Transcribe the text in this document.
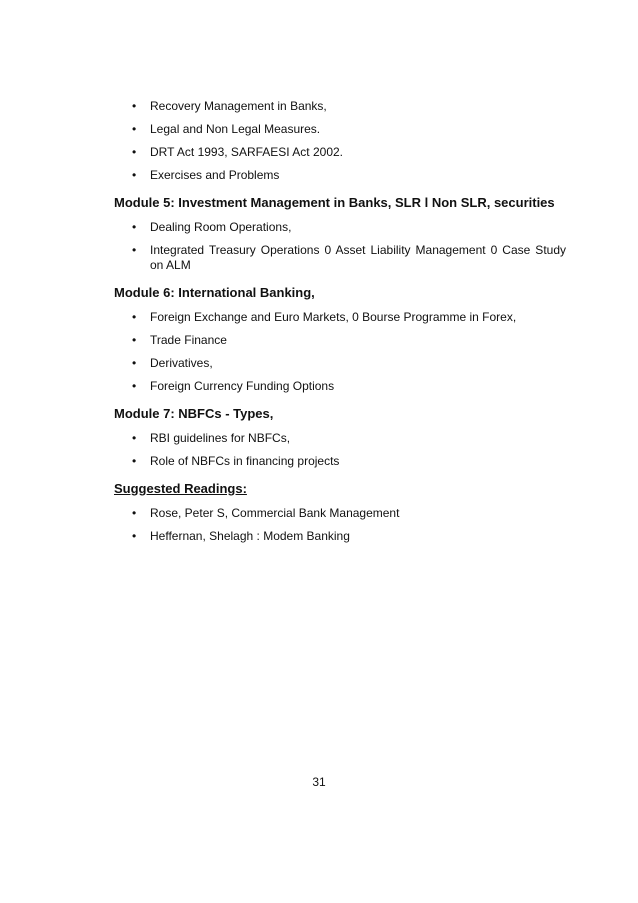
• Recovery Management in Banks,
• Legal and Non Legal Measures.
• DRT Act 1993, SARFAESI Act 2002.
• Exercises and Problems
Module 5: Investment Management in Banks, SLR l Non SLR, securities
• Dealing Room Operations,
• Integrated Treasury Operations 0 Asset Liability Management 0 Case Study on ALM
Module 6: International Banking,
• Foreign Exchange and Euro Markets, 0 Bourse Programme in Forex,
• Trade Finance
• Derivatives,
• Foreign Currency Funding Options
Module 7: NBFCs - Types,
• RBI guidelines for NBFCs,
• Role of NBFCs in financing projects
Suggested Readings:
• Rose, Peter S, Commercial Bank Management
• Heffernan, Shelagh : Modem Banking
31
